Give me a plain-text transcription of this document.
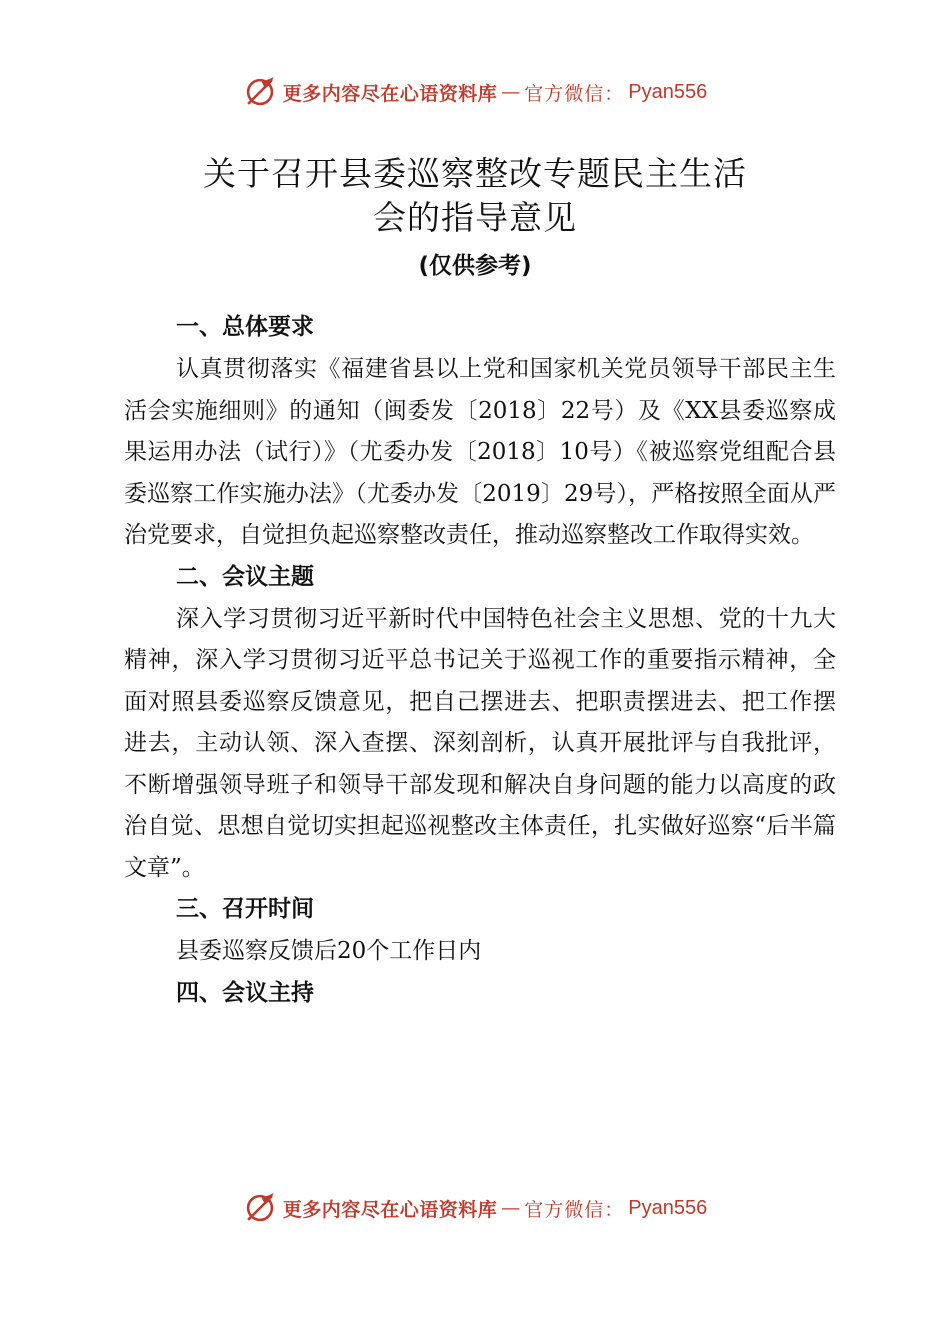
更多内容尽在心语资料库 — 官方微信： Pyan556
关于召开县委巡察整改专题民主生活
会的指导意见
(仅供参考)
一、总体要求

认真贯彻落实《福建省县以上党和国家机关党员领导干部民主生活会实施细则》的通知（闽委发〔2018〕22号）及《XX县委巡察成果运用办法（试行）》（尤委办发〔2018〕10号）《被巡察党组配合县委巡察工作实施办法》（尤委办发〔2019〕29号），严格按照全面从严治党要求，自觉担负起巡察整改责任，推动巡察整改工作取得实效。

二、会议主题

深入学习贯彻习近平新时代中国特色社会主义思想、党的十九大精神，深入学习贯彻习近平总书记关于巡视工作的重要指示精神，全面对照县委巡察反馈意见，把自己摆进去、把职责摆进去、把工作摆进去，主动认领、深入查摆、深刻剖析，认真开展批评与自我批评，不断增强领导班子和领导干部发现和解决自身问题的能力以高度的政治自觉、思想自觉切实担起巡视整改主体责任，扎实做好巡察“后半篇文章”。

三、召开时间

县委巡察反馈后20个工作日内

四、会议主持
更多内容尽在心语资料库 — 官方微信： Pyan556
